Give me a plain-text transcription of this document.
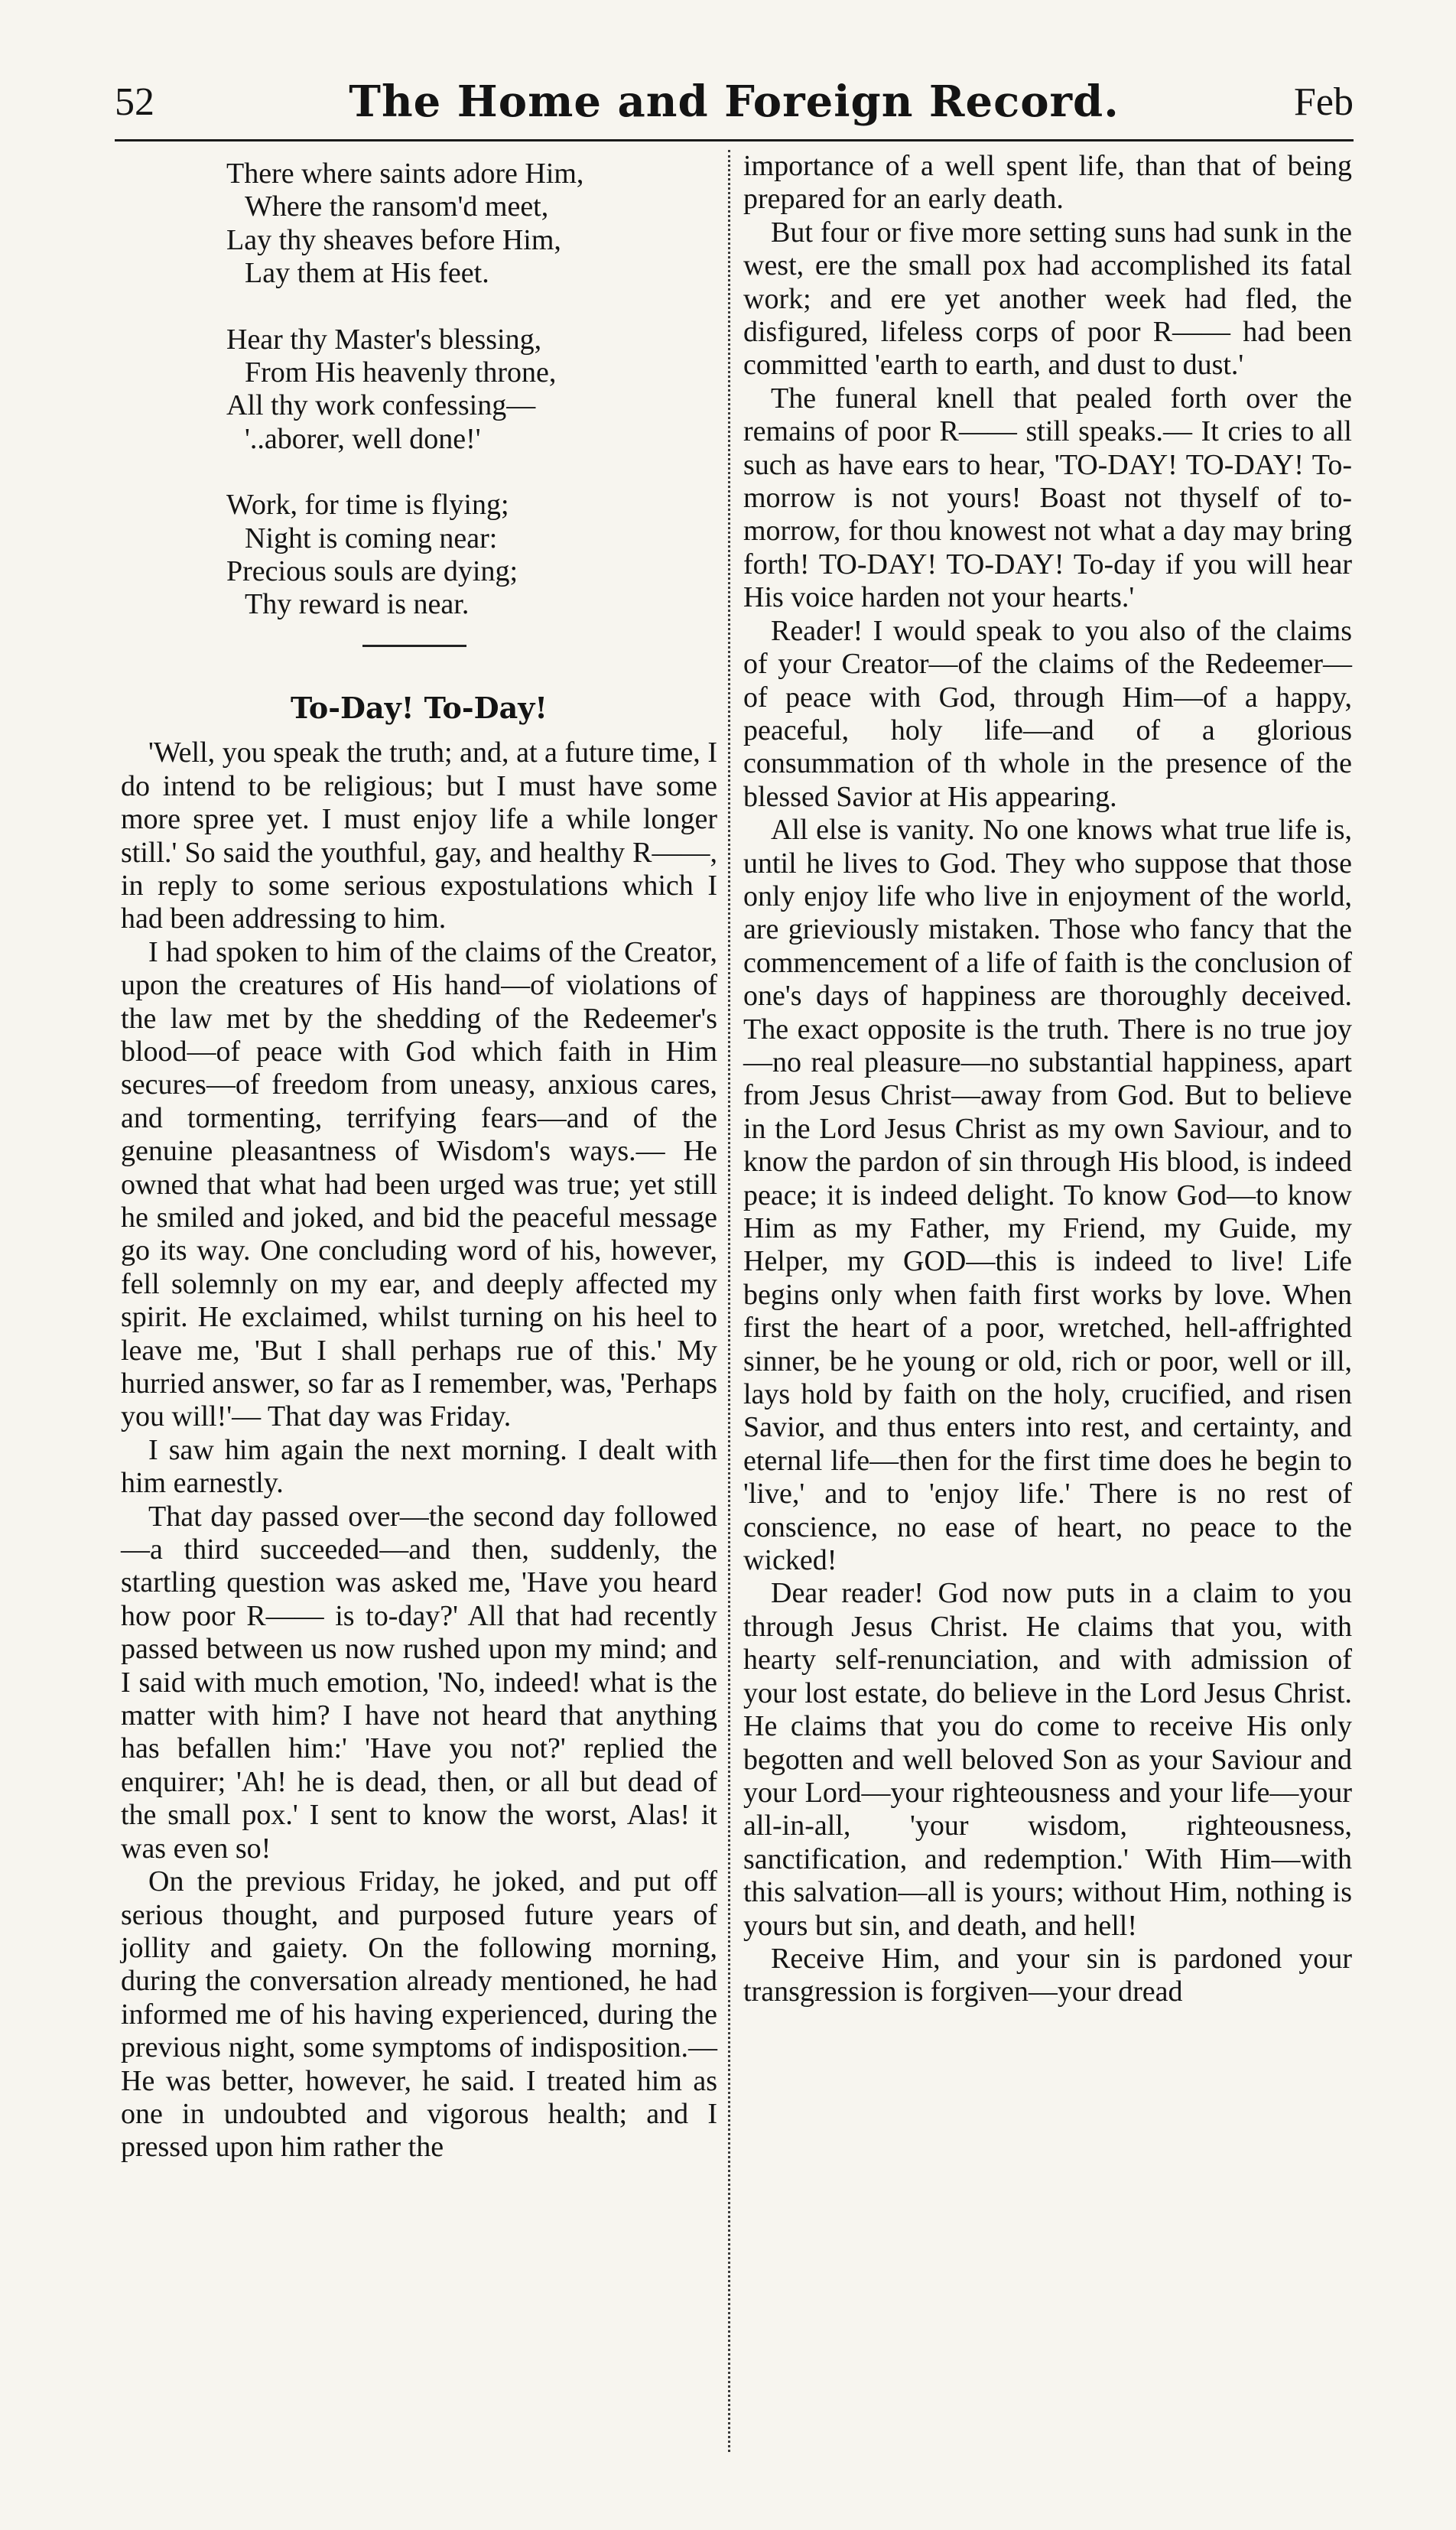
52	The Home and Foreign Record.	Feb
There where saints adore Him,
Where the ransom'd meet,
Lay thy sheaves before Him,
Lay them at His feet.
Hear thy Master's blessing,
From His heavenly throne,
All thy work confessing—
'..aborer, well done!'
Work, for time is flying;
Night is coming near:
Precious souls are dying;
Thy reward is near.
To-Day! To-Day!

'Well, you speak the truth; and, at a future time, I do intend to be religious; but I must have some more spree yet. I must enjoy life a while longer still.' So said the youthful, gay, and healthy R——, in reply to some serious expostulations which I had been addressing to him.

I had spoken to him of the claims of the Creator, upon the creatures of His hand—of violations of the law met by the shedding of the Redeemer's blood—of peace with God which faith in Him secures—of freedom from uneasy, anxious cares, and tormenting, terrifying fears—and of the genuine pleasantness of Wisdom's ways.— He owned that what had been urged was true; yet still he smiled and joked, and bid the peaceful message go its way. One concluding word of his, however, fell solemnly on my ear, and deeply affected my spirit. He exclaimed, whilst turning on his heel to leave me, 'But I shall perhaps rue of this.' My hurried answer, so far as I remember, was, 'Perhaps you will!'— That day was Friday.

I saw him again the next morning. I dealt with him earnestly.

That day passed over—the second day followed—a third succeeded—and then, suddenly, the startling question was asked me, 'Have you heard how poor R—— is to-day?' All that had recently passed between us now rushed upon my mind; and I said with much emotion, 'No, indeed! what is the matter with him? I have not heard that anything has befallen him:' 'Have you not?' replied the enquirer; 'Ah! he is dead, then, or all but dead of the small pox.' I sent to know the worst, Alas! it was even so!

On the previous Friday, he joked, and put off serious thought, and purposed future years of jollity and gaiety. On the following morning, during the conversation already mentioned, he had informed me of his having experienced, during the previous night, some symptoms of indisposition.— He was better, however, he said. I treated him as one in undoubted and vigorous health; and I pressed upon him rather the

importance of a well spent life, than that of being prepared for an early death.

But four or five more setting suns had sunk in the west, ere the small pox had accomplished its fatal work; and ere yet another week had fled, the disfigured, lifeless corps of poor R—— had been committed 'earth to earth, and dust to dust.'

The funeral knell that pealed forth over the remains of poor R—— still speaks.— It cries to all such as have ears to hear, 'TO-DAY! TO-DAY! To-morrow is not yours! Boast not thyself of to-morrow, for thou knowest not what a day may bring forth! TO-DAY! TO-DAY! To-day if you will hear His voice harden not your hearts.'

Reader! I would speak to you also of the claims of your Creator—of the claims of the Redeemer—of peace with God, through Him—of a happy, peaceful, holy life—and of a glorious consummation of th whole in the presence of the blessed Savior at His appearing.

All else is vanity. No one knows what true life is, until he lives to God. They who suppose that those only enjoy life who live in enjoyment of the world, are grieviously mistaken. Those who fancy that the commencement of a life of faith is the conclusion of one's days of happiness are thoroughly deceived. The exact opposite is the truth. There is no true joy—no real pleasure—no substantial happiness, apart from Jesus Christ—away from God. But to believe in the Lord Jesus Christ as my own Saviour, and to know the pardon of sin through His blood, is indeed peace; it is indeed delight. To know God—to know Him as my Father, my Friend, my Guide, my Helper, my GOD—this is indeed to live! Life begins only when faith first works by love. When first the heart of a poor, wretched, hell-affrighted sinner, be he young or old, rich or poor, well or ill, lays hold by faith on the holy, crucified, and risen Savior, and thus enters into rest, and certainty, and eternal life—then for the first time does he begin to 'live,' and to 'enjoy life.' There is no rest of conscience, no ease of heart, no peace to the wicked!

Dear reader! God now puts in a claim to you through Jesus Christ. He claims that you, with hearty self-renunciation, and with admission of your lost estate, do believe in the Lord Jesus Christ. He claims that you do come to receive His only begotten and well beloved Son as your Saviour and your Lord—your righteousness and your life—your all-in-all, 'your wisdom, righteousness, sanctification, and redemption.' With Him—with this salvation—all is yours; without Him, nothing is yours but sin, and death, and hell!

Receive Him, and your sin is pardoned your transgression is forgiven—your dread
